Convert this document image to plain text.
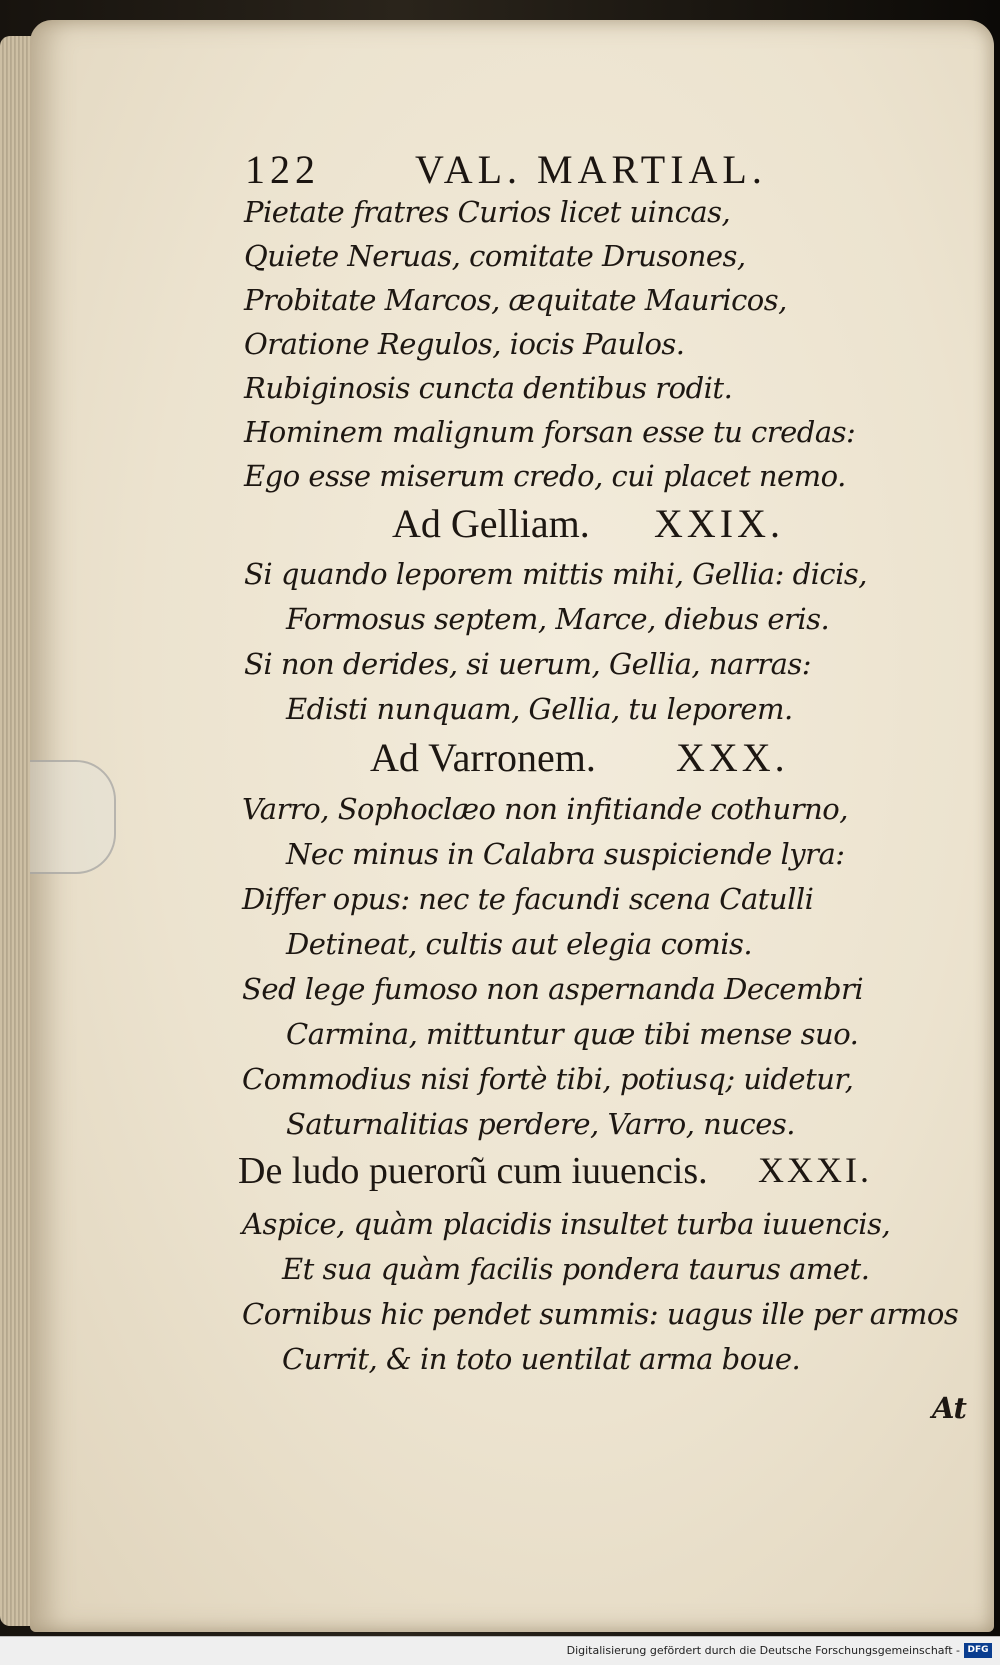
122 VAL. MARTIAL.
Pietate fratres Curios licet uincas,
Quiete Neruas, comitate Drusones,
Probitate Marcos, æquitate Mauricos,
Oratione Regulos, iocis Paulos.
Rubiginosis cuncta dentibus rodit.
Hominem malignum forsan esse tu credas:
Ego esse miserum credo, cui placet nemo.
Ad Gelliam. XXIX.
Si quando leporem mittis mihi, Gellia: dicis,
Formosus septem, Marce, diebus eris.
Si non derides, si uerum, Gellia, narras:
Edisti nunquam, Gellia, tu leporem.
Ad Varronem. XXX.
Varro, Sophoclæo non infitiande cothurno,
Nec minus in Calabra suspiciende lyra:
Differ opus: nec te facundi scena Catulli
Detineat, cultis aut elegia comis.
Sed lege fumoso non aspernanda Decembri
Carmina, mittuntur quæ tibi mense suo.
Commodius nisi fortè tibi, potiusq; uidetur,
Saturnalitias perdere, Varro, nuces.
De ludo puerorũ cum iuuencis. XXXI.
Aspice, quàm placidis insultet turba iuuencis,
Et sua quàm facilis pondera taurus amet.
Cornibus hic pendet summis: uagus ille per armos
Currit, & in toto uentilat arma boue.
At
Digitalisierung gefördert durch die Deutsche Forschungsgemeinschaft - DFG
